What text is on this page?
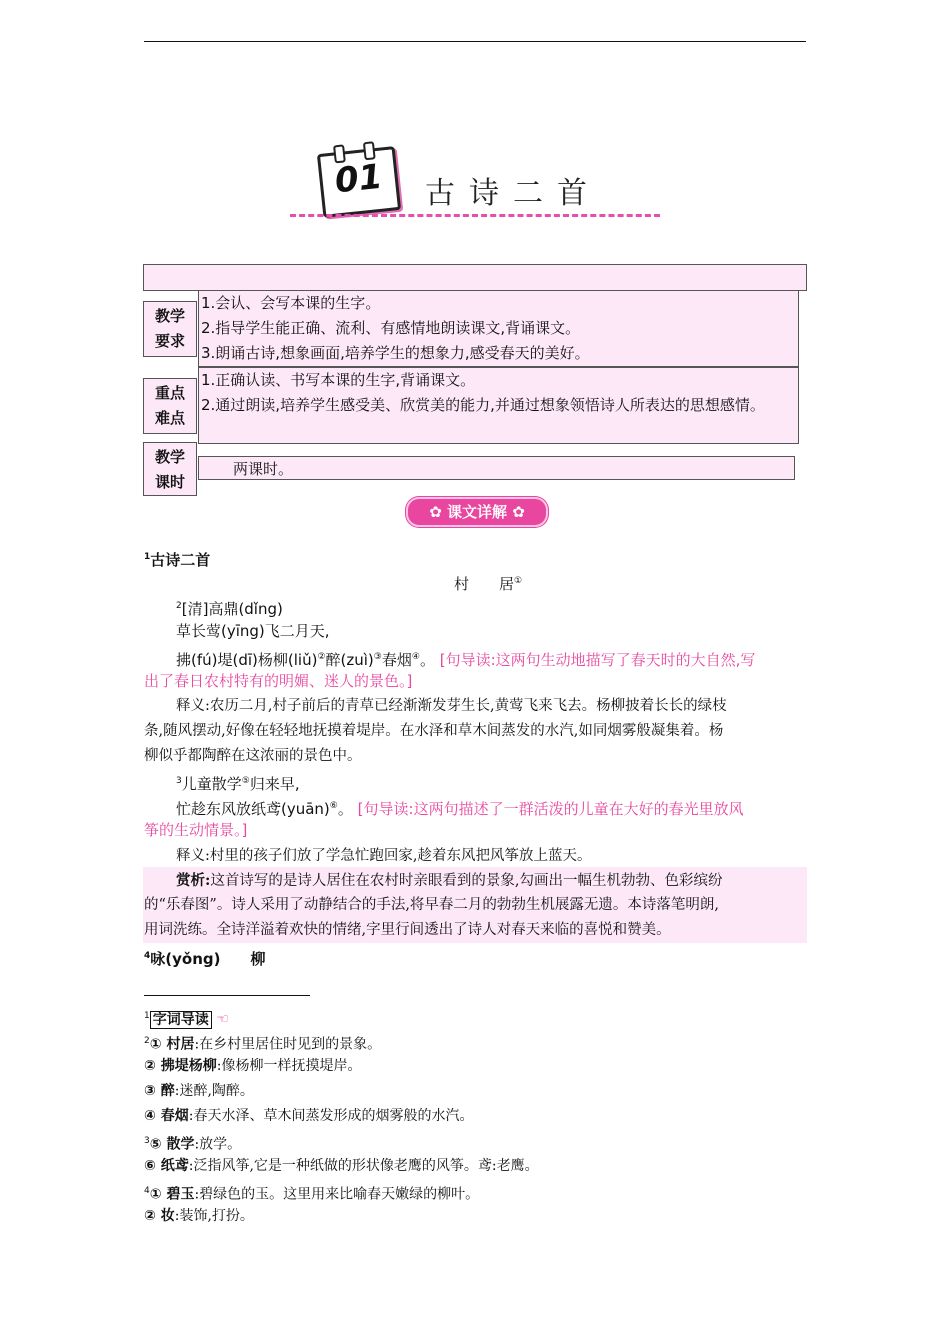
01	古诗二首
教学
要求
1.会认、会写本课的生字。
2.指导学生能正确、流利、有感情地朗读课文,背诵课文。
3.朗诵古诗,想象画面,培养学生的想象力,感受春天的美好。
重点
难点
1.正确认读、书写本课的生字,背诵课文。
2.通过朗读,培养学生感受美、欣赏美的能力,并通过想象领悟诗人所表达的思想感情。
教学
课时
两课时。
✿ 课文详解 ✿
$^1$古诗二首
村　　居①
$^2$[清]高鼎(dǐng)
草长莺(yīng)飞二月天,
拂(fú)堤(dī)杨柳(liǔ)②醉(zuì)③春烟④。 [句导读:这两句生动地描写了春天时的大自然,写
出了春日农村特有的明媚、迷人的景色。]
释义:农历二月,村子前后的青草已经渐渐发芽生长,黄莺飞来飞去。杨柳披着长长的绿枝
条,随风摆动,好像在轻轻地抚摸着堤岸。在水泽和草木间蒸发的水汽,如同烟雾般凝集着。杨
柳似乎都陶醉在这浓丽的景色中。
$^3$儿童散学⑤归来早,
忙趁东风放纸鸢(yuān)⑥。 [句导读:这两句描述了一群活泼的儿童在大好的春光里放风
筝的生动情景。]
释义:村里的孩子们放了学急忙跑回家,趁着东风把风筝放上蓝天。
赏析:这首诗写的是诗人居住在农村时亲眼看到的景象,勾画出一幅生机勃勃、色彩缤纷
的“乐春图”。诗人采用了动静结合的手法,将早春二月的勃勃生机展露无遗。本诗落笔明朗,
用词洗练。全诗洋溢着欢快的情绪,字里行间透出了诗人对春天来临的喜悦和赞美。
$^4$咏(yǒng)　　柳
$^1$ 字词导读 ☜
$^2$① 村居:在乡村里居住时见到的景象。
② 拂堤杨柳:像杨柳一样抚摸堤岸。
③ 醉:迷醉,陶醉。
④ 春烟:春天水泽、草木间蒸发形成的烟雾般的水汽。
$^3$⑤ 散学:放学。
⑥ 纸鸢:泛指风筝,它是一种纸做的形状像老鹰的风筝。鸢:老鹰。
$^4$① 碧玉:碧绿色的玉。这里用来比喻春天嫩绿的柳叶。
② 妆:装饰,打扮。
